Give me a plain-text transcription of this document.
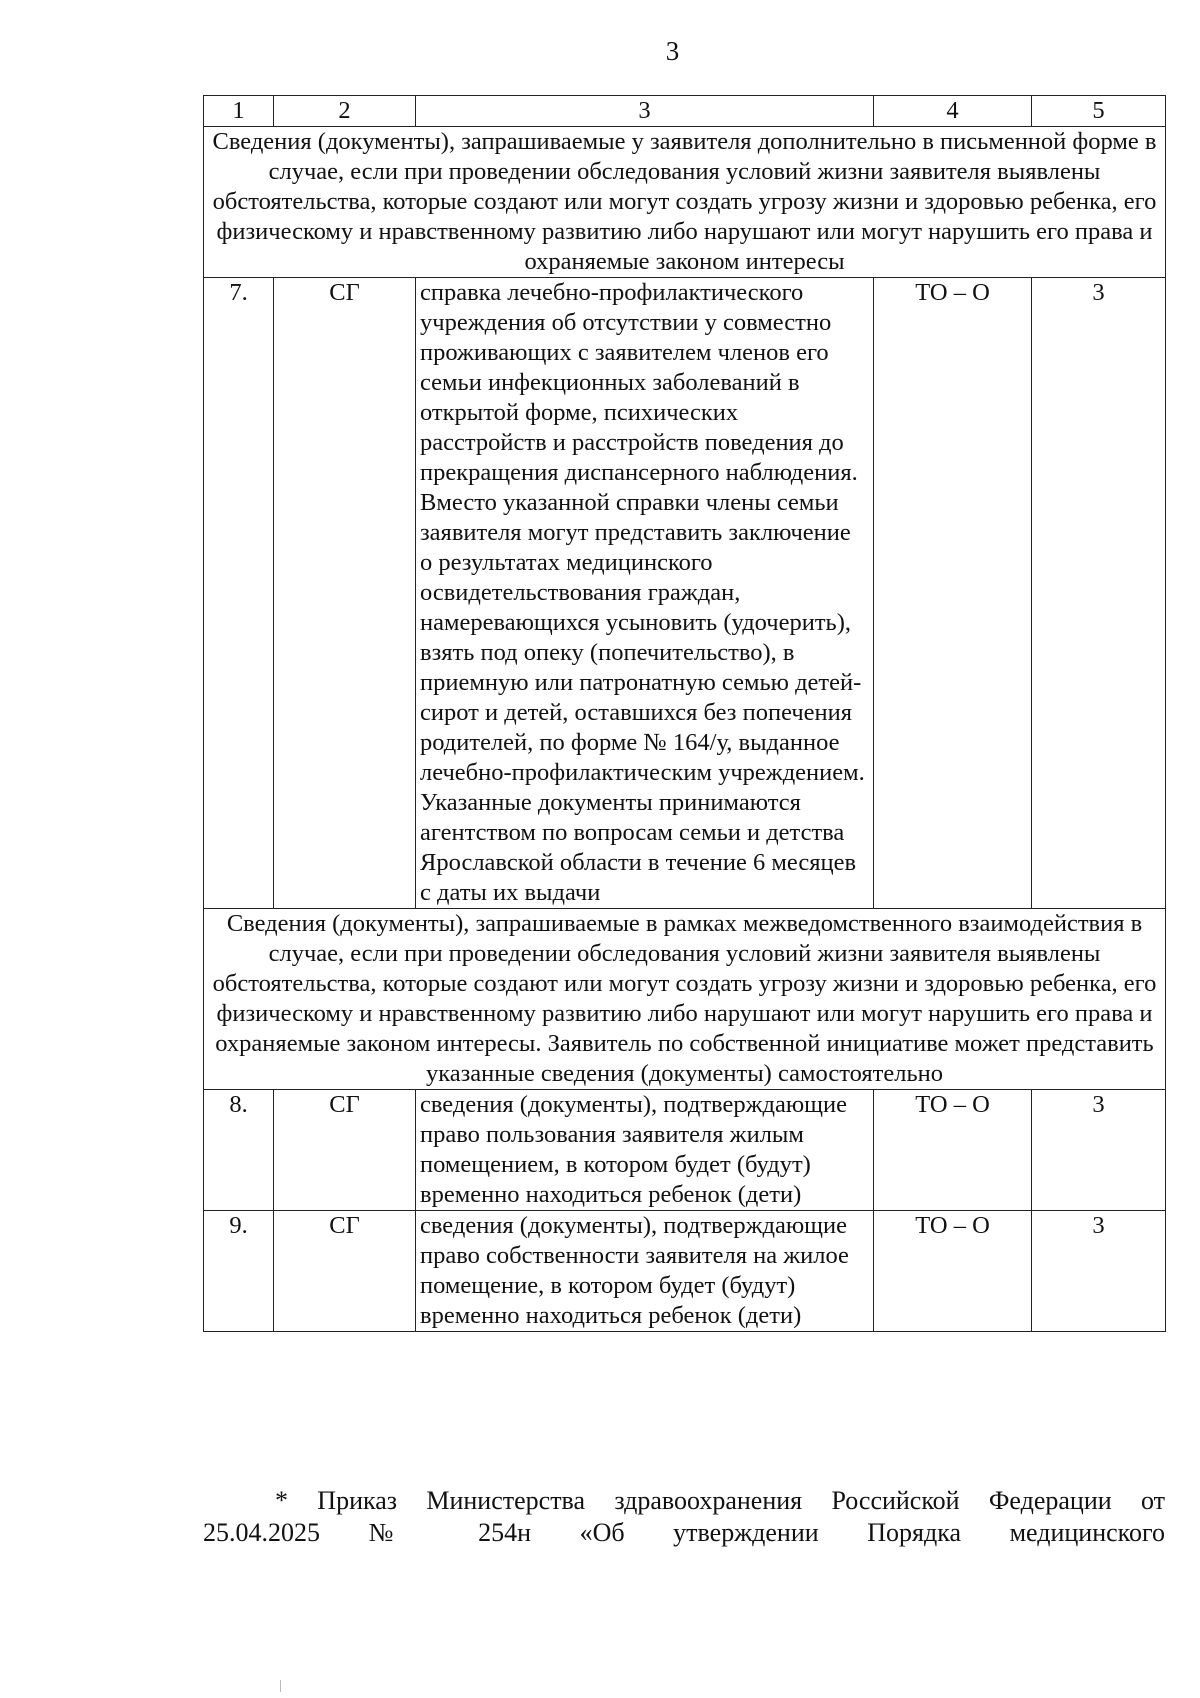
3
1	2	3	4	5
Сведения (документы), запрашиваемые у заявителя дополнительно в письменной форме в случае, если при проведении обследования условий жизни заявителя выявлены обстоятельства, которые создают или могут создать угрозу жизни и здоровью ребенка, его физическому и нравственному развитию либо нарушают или могут нарушить его права и охраняемые законом интересы				
7.	СГ	справка лечебно-профилактического учреждения об отсутствии у совместно проживающих с заявителем членов его семьи инфекционных заболеваний в открытой форме, психических расстройств и расстройств поведения до прекращения диспансерного наблюдения. Вместо указанной справки члены семьи заявителя могут представить заключение о результатах медицинского освидетельствования граждан, намеревающихся усыновить (удочерить), взять под опеку (попечительство), в приемную или патронатную семью детей-сирот и детей, оставшихся без попечения родителей, по форме № 164/у, выданное лечебно-профилактическим учреждением. Указанные документы принимаются агентством по вопросам семьи и детства Ярославской области в течение 6 месяцев с даты их выдачи	ТО – О	3
Сведения (документы), запрашиваемые в рамках межведомственного взаимодействия в случае, если при проведении обследования условий жизни заявителя выявлены обстоятельства, которые создают или могут создать угрозу жизни и здоровью ребенка, его физическому и нравственному развитию либо нарушают или могут нарушить его права и охраняемые законом интересы. Заявитель по собственной инициативе может представить указанные сведения (документы) самостоятельно				
8.	СГ	сведения (документы), подтверждающие право пользования заявителя жилым помещением, в котором будет (будут) временно находиться ребенок (дети)	ТО – О	3
9.	СГ	сведения (документы), подтверждающие право собственности заявителя на жилое помещение, в котором будет (будут) временно находиться ребенок (дети)	ТО – О	3
* Приказ Министерства здравоохранения Российской Федерации от
25.04.2025 № 254н «Об утверждении Порядка медицинского
